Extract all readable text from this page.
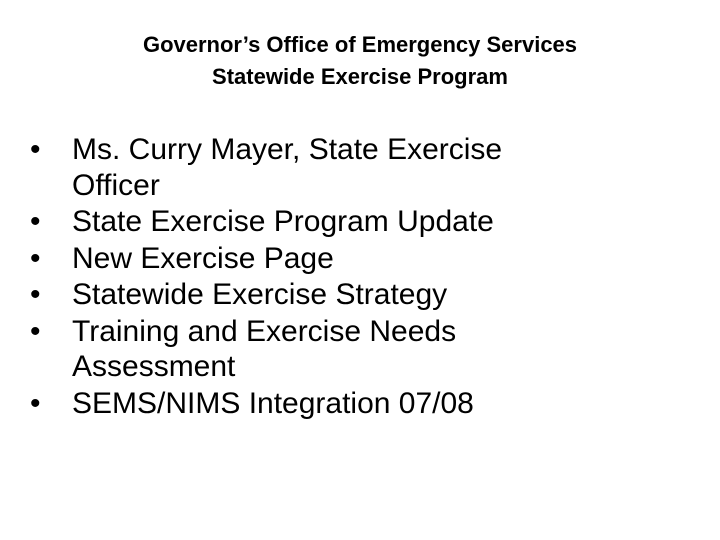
Governor’s Office of Emergency Services
Statewide Exercise Program
•	Ms. Curry Mayer, State Exercise
Officer
•	State Exercise Program Update
•	New Exercise Page
•	Statewide Exercise Strategy
•	Training and Exercise Needs
Assessment
•	SEMS/NIMS Integration 07/08
